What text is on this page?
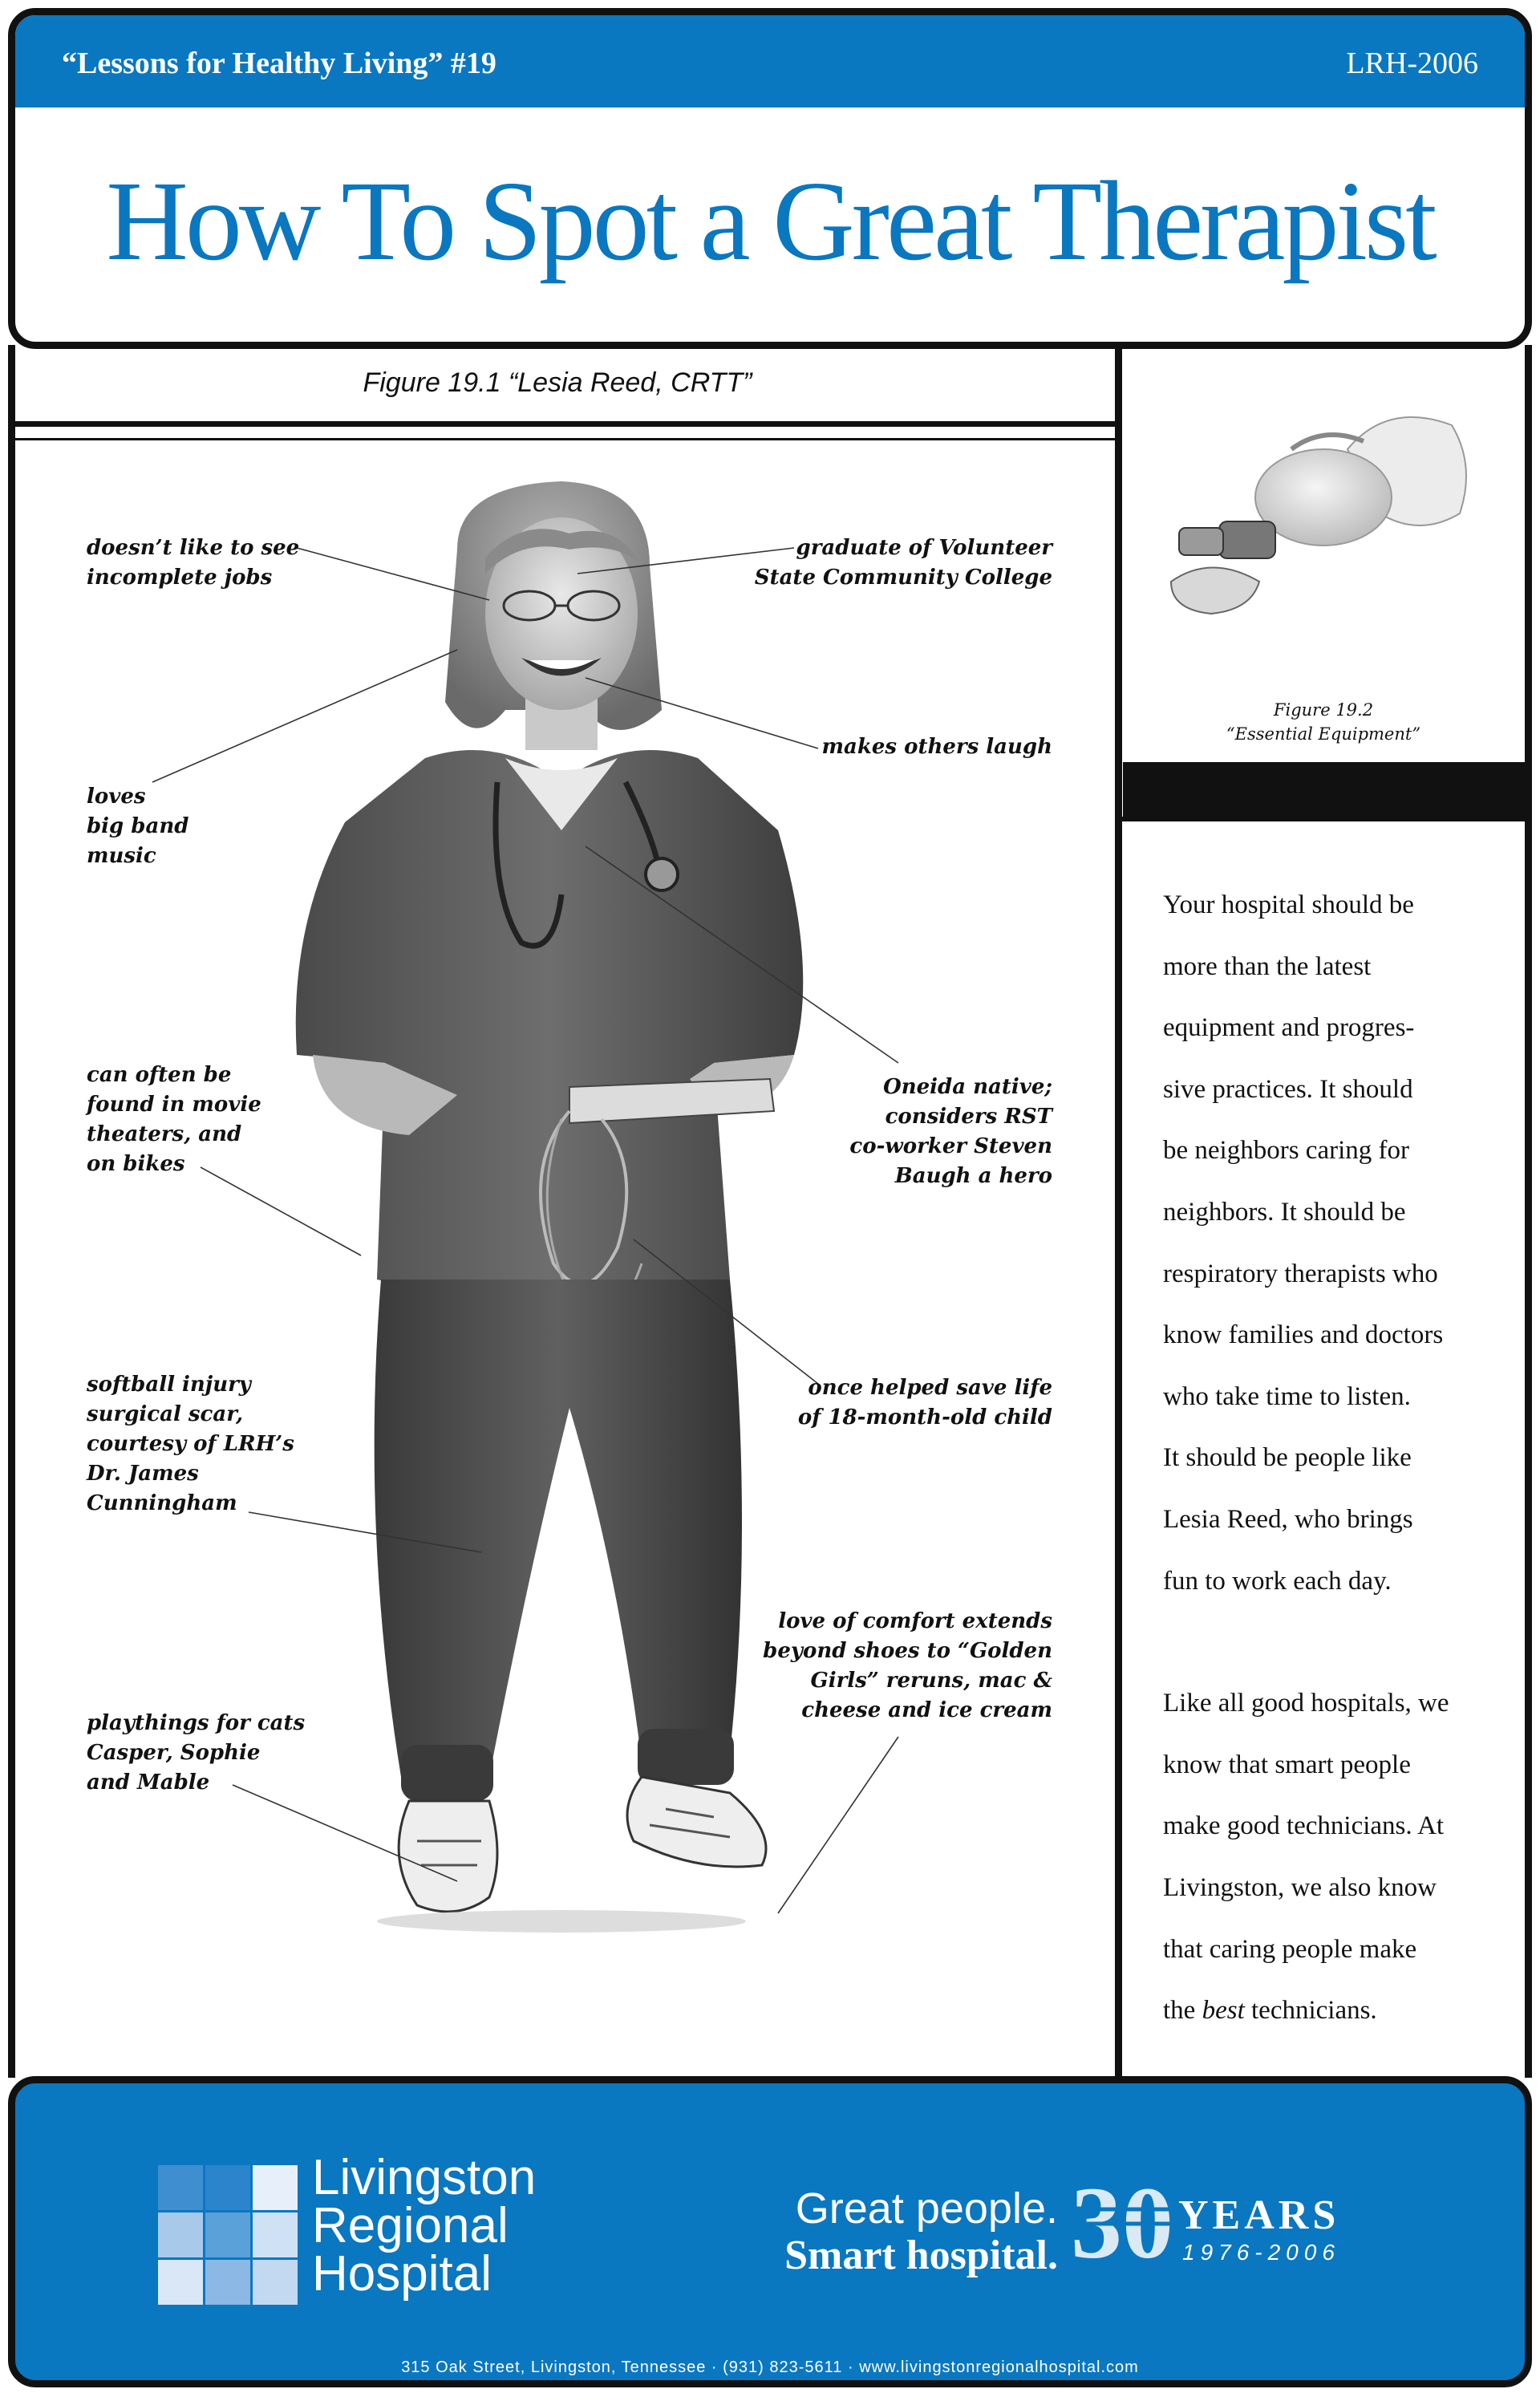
“Lessons for Healthy Living” #19	LRH-2006
How To Spot a Great Therapist
Figure 19.1 “Lesia Reed, CRTT”
doesn’t like to see
incomplete jobs
loves
big band
music
can often be
found in movie
theaters, and
on bikes
softball injury
surgical scar,
courtesy of LRH’s
Dr. James
Cunningham
playthings for cats
Casper, Sophie
and Mable
graduate of Volunteer
State Community College
makes others laugh
Oneida native;
considers RST
co-worker Steven
Baugh a hero
once helped save life
of 18-month-old child
love of comfort extends
beyond shoes to “Golden
Girls” reruns, mac &
cheese and ice cream
Figure 19.2
“Essential Equipment”
Your hospital should be
more than the latest
equipment and progres-
sive practices. It should
be neighbors caring for
neighbors. It should be
respiratory therapists who
know families and doctors
who take time to listen.
It should be people like
Lesia Reed, who brings
fun to work each day.
Like all good hospitals, we
know that smart people
make good technicians. At
Livingston, we also know
that caring people make
the best technicians.
Livingston
Regional
Hospital
Great people.
Smart hospital. 30 YEARS
1976-2006
315 Oak Street, Livingston, Tennessee · (931) 823-5611 · www.livingstonregionalhospital.com
